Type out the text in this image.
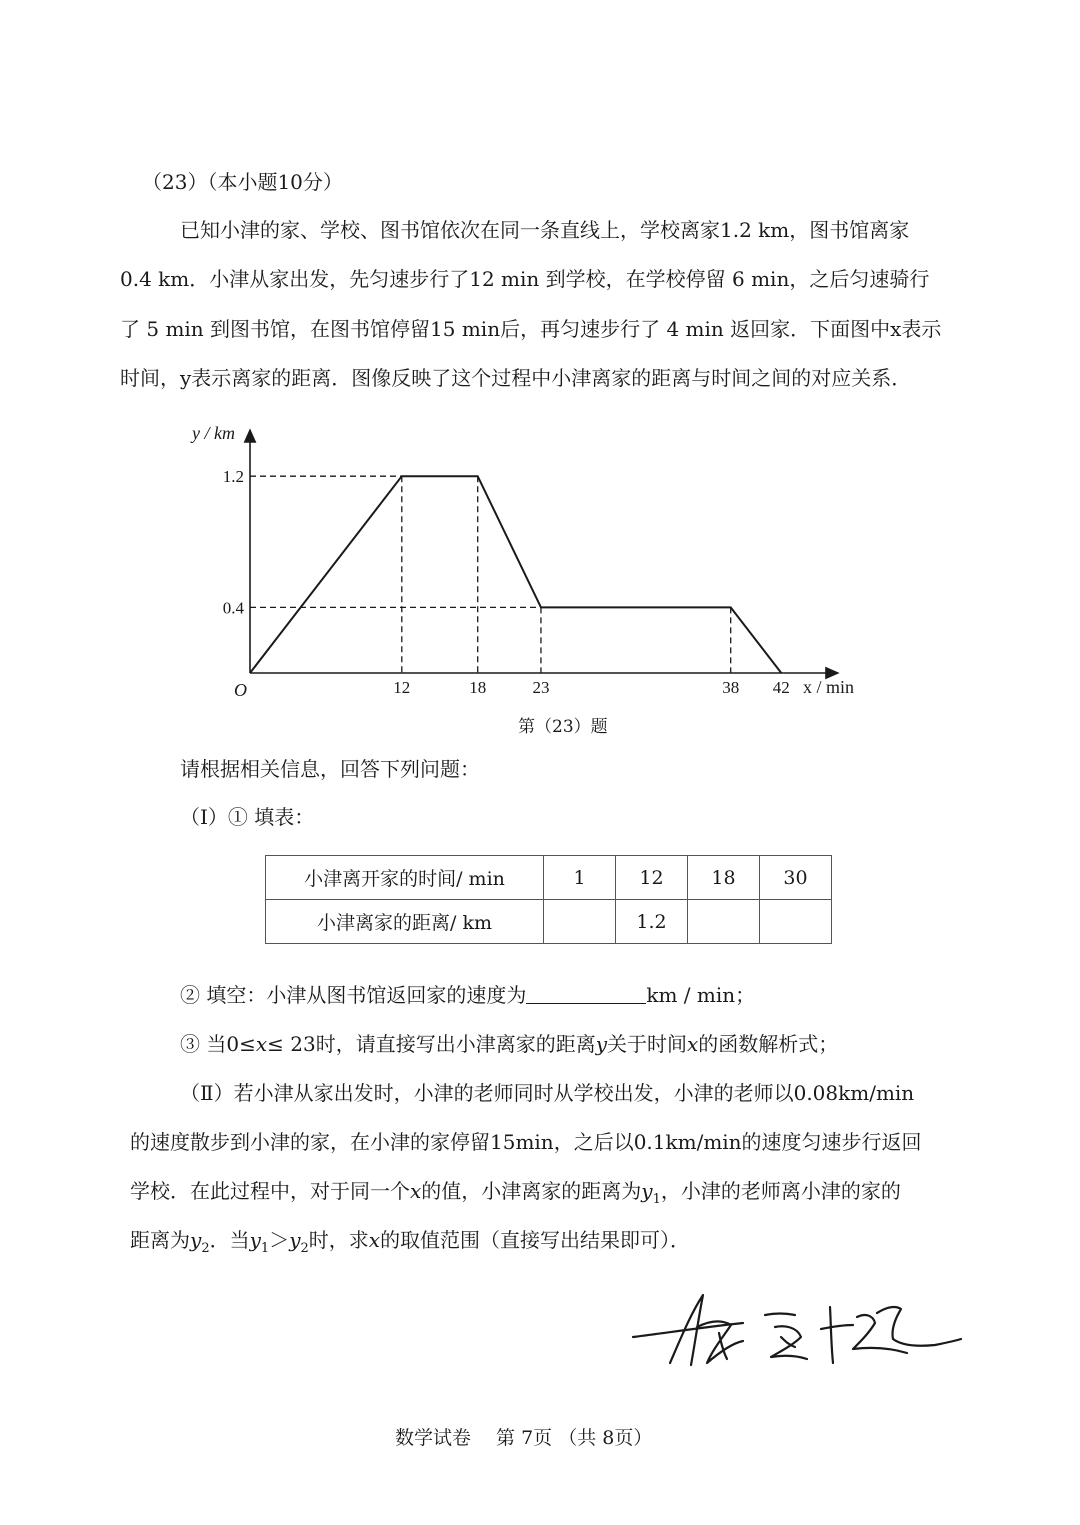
（23）（本小题10分）
已知小津的家、学校、图书馆依次在同一条直线上，学校离家1.2 km，图书馆离家
0.4 km．小津从家出发，先匀速步行了12 min 到学校，在学校停留 6 min，之后匀速骑行
了 5 min 到图书馆，在图书馆停留15 min后，再匀速步行了 4 min 返回家．下面图中x表示
时间，y表示离家的距离．图像反映了这个过程中小津离家的距离与时间之间的对应关系．
12	18	23	38 42
0.4
1.2
O
y / km
x / min
第（23）题
请根据相关信息，回答下列问题：
（Ⅰ）① 填表：
小津离开家的时间/ min	1	12	18	30
小津离家的距离/ km		1.2		
② 填空：小津从图书馆返回家的速度为	km / min；
③ 当0≤x≤ 23时，请直接写出小津离家的距离y关于时间x的函数解析式；
（Ⅱ）若小津从家出发时，小津的老师同时从学校出发，小津的老师以0.08km/min
的速度散步到小津的家，在小津的家停留15min，之后以0.1km/min的速度匀速步行返回
学校．在此过程中，对于同一个x的值，小津离家的距离为$y_1$，小津的老师离小津的家的
距离为$y_2$．当$y_1>y_2$时，求x的取值范围（直接写出结果即可）．
数学试卷　 第 7页 （共 8页）
